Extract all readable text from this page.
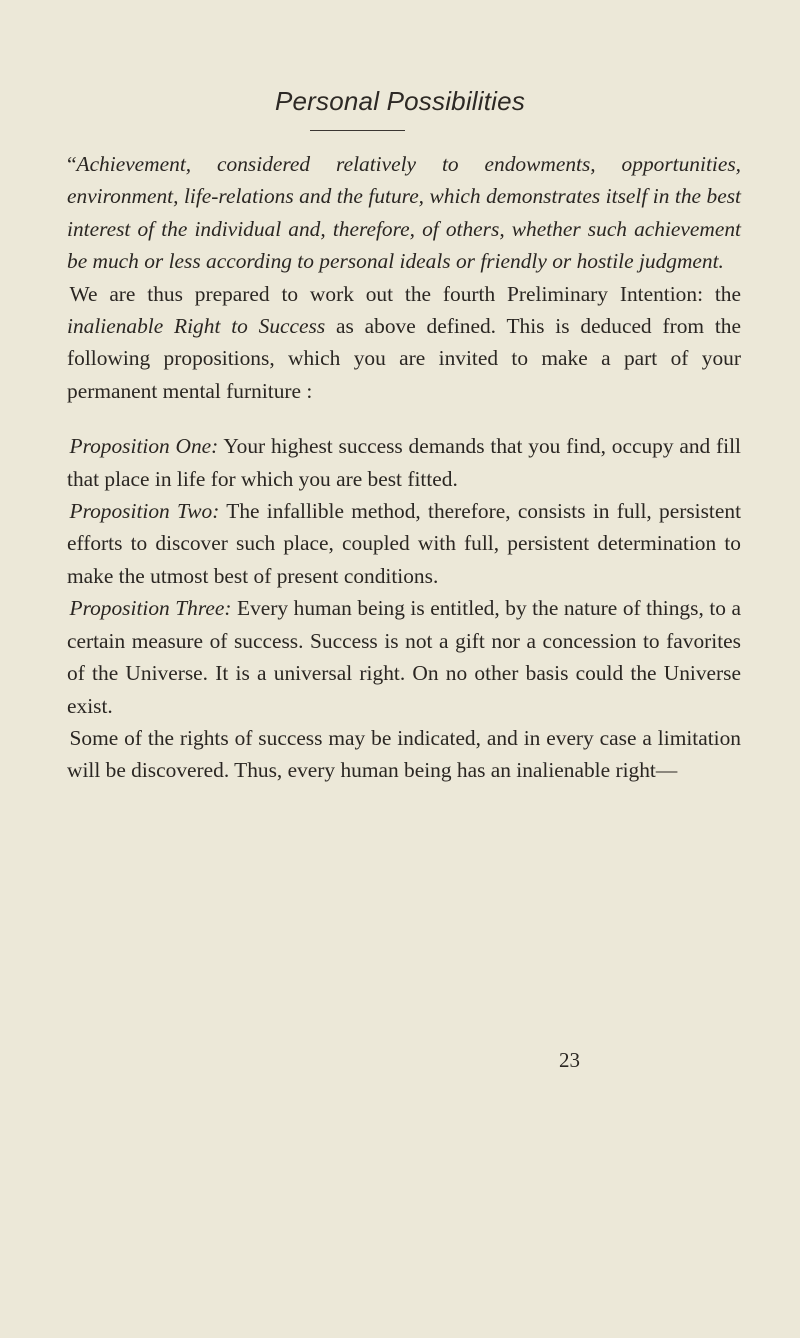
Personal Possibilities

“Achievement, considered relatively to endowments, opportunities, environment, life-relations and the future, which demonstrates itself in the best interest of the individual and, therefore, of others, whether such achievement be much or less according to personal ideals or friendly or hostile judgment.

We are thus prepared to work out the fourth Preliminary Intention: the inalienable Right to Success as above defined. This is deduced from the following propositions, which you are invited to make a part of your permanent mental furniture :

Proposition One: Your highest success demands that you find, occupy and fill that place in life for which you are best fitted.

Proposition Two: The infallible method, therefore, consists in full, persistent efforts to discover such place, coupled with full, persistent determination to make the utmost best of present conditions.

Proposition Three: Every human being is entitled, by the nature of things, to a certain measure of success. Success is not a gift nor a concession to favorites of the Universe. It is a universal right. On no other basis could the Universe exist.

Some of the rights of success may be indicated, and in every case a limitation will be discovered. Thus, every human being has an inalienable right—

23
